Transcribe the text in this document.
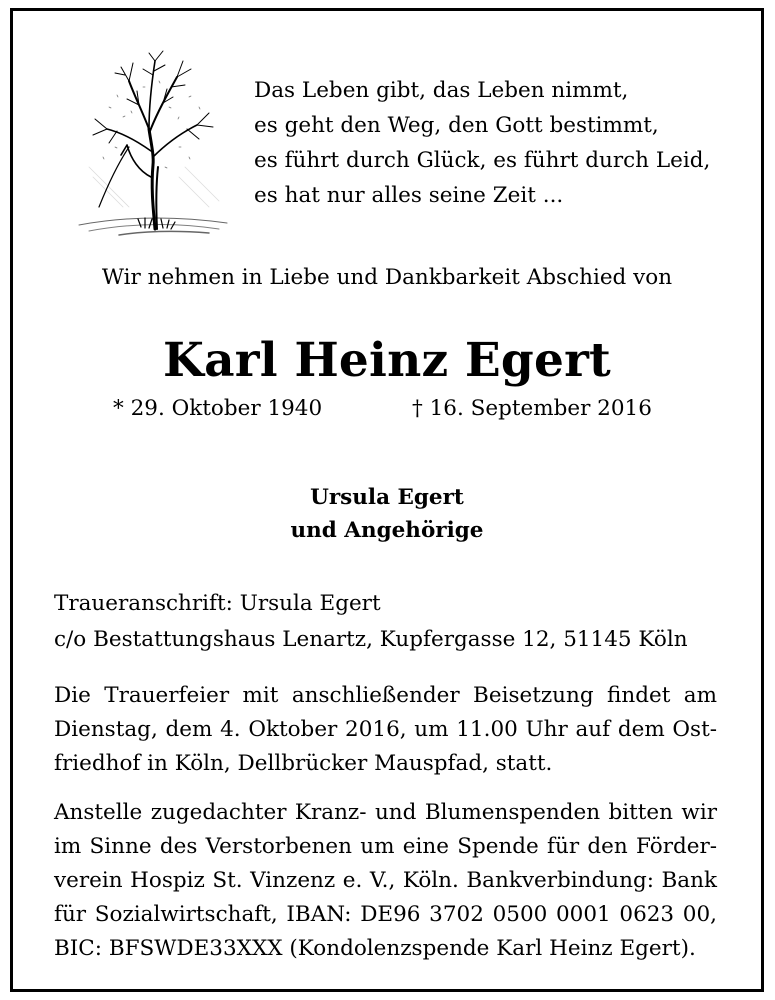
Das Leben gibt, das Leben nimmt,
es geht den Weg, den Gott bestimmt,
es führt durch Glück, es führt durch Leid,
es hat nur alles seine Zeit ...
Wir nehmen in Liebe und Dankbarkeit Abschied von
Karl Heinz Egert
* 29. Oktober 1940	† 16. September 2016
Ursula Egert
und Angehörige
Traueranschrift: Ursula Egert
c/o Bestattungshaus Lenartz, Kupfergasse 12, 51145 Köln
Die Trauerfeier mit anschließender Beisetzung findet am
Dienstag, dem 4. Oktober 2016, um 11.00 Uhr auf dem Ost-
friedhof in Köln, Dellbrücker Mauspfad, statt.
Anstelle zugedachter Kranz- und Blumenspenden bitten wir
im Sinne des Verstorbenen um eine Spende für den Förder-
verein Hospiz St. Vinzenz e. V., Köln. Bankverbindung: Bank
für Sozialwirtschaft, IBAN: DE96 3702 0500 0001 0623 00,
BIC: BFSWDE33XXX (Kondolenzspende Karl Heinz Egert).
